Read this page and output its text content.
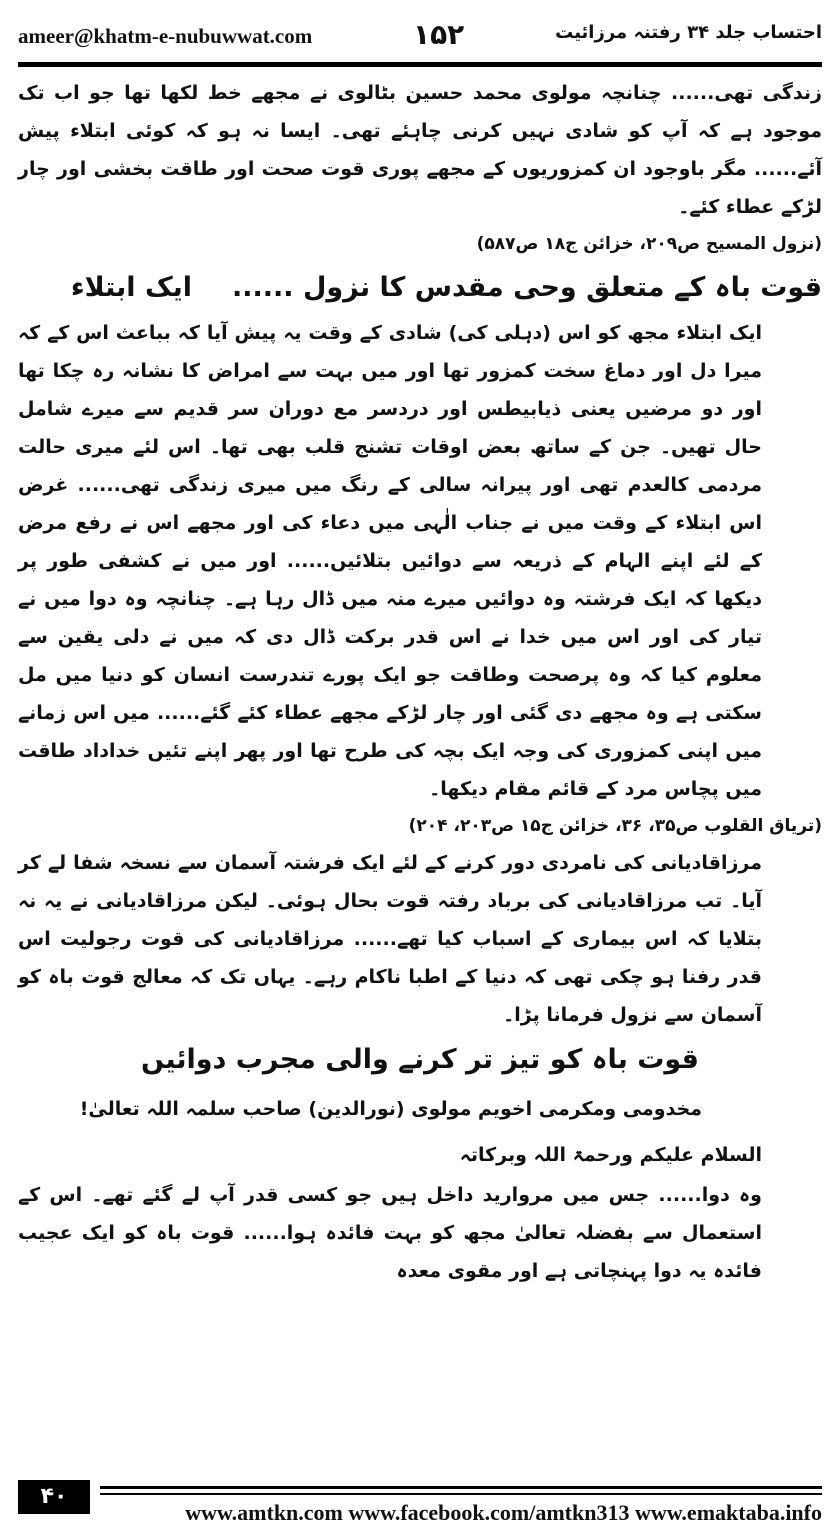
ameer@khatm-e-nubuwwat.com	۱۵۲	احتساب جلد ۳۴ رفتنہ مرزائیت

زندگی تھی...... چنانچہ مولوی محمد حسین بٹالوی نے مجھے خط لکھا تھا جو اب تک موجود ہے کہ آپ کو شادی نہیں کرنی چاہئے تھی۔ ایسا نہ ہو کہ کوئی ابتلاء پیش آئے...... مگر باوجود ان کمزوریوں کے مجھے پوری قوت صحت اور طاقت بخشی اور چار لڑکے عطاء کئے۔

(نزول المسیح ص۲۰۹، خزائن ج۱۸ ص۵۸۷)

قوت باہ کے متعلق وحی مقدس کا نزول ......ایک ابتلاء

ایک ابتلاء مجھ کو اس (دہلی کی) شادی کے وقت یہ پیش آیا کہ بباعث اس کے کہ میرا دل اور دماغ سخت کمزور تھا اور میں بہت سے امراض کا نشانہ رہ چکا تھا اور دو مرضیں یعنی ذیابیطس اور دردسر مع دوران سر قدیم سے میرے شامل حال تھیں۔ جن کے ساتھ بعض اوقات تشنج قلب بھی تھا۔ اس لئے میری حالت مردمی کالعدم تھی اور پیرانہ سالی کے رنگ میں میری زندگی تھی...... غرض اس ابتلاء کے وقت میں نے جناب الٰہی میں دعاء کی اور مجھے اس نے رفع مرض کے لئے اپنے الہام کے ذریعہ سے دوائیں بتلائیں...... اور میں نے کشفی طور پر دیکھا کہ ایک فرشتہ وہ دوائیں میرے منہ میں ڈال رہا ہے۔ چنانچہ وہ دوا میں نے تیار کی اور اس میں خدا نے اس قدر برکت ڈال دی کہ میں نے دلی یقین سے معلوم کیا کہ وہ پرصحت وطاقت جو ایک پورے تندرست انسان کو دنیا میں مل سکتی ہے وہ مجھے دی گئی اور چار لڑکے مجھے عطاء کئے گئے...... میں اس زمانے میں اپنی کمزوری کی وجہ ایک بچہ کی طرح تھا اور پھر اپنے تئیں خداداد طاقت میں پچاس مرد کے قائم مقام دیکھا۔

(تریاق القلوب ص۳۵، ۳۶، خزائن ج۱۵ ص۲۰۳، ۲۰۴)

مرزاقادیانی کی نامردی دور کرنے کے لئے ایک فرشتہ آسمان سے نسخہ شفا لے کر آیا۔ تب مرزاقادیانی کی برباد رفتہ قوت بحال ہوئی۔ لیکن مرزاقادیانی نے یہ نہ بتلایا کہ اس بیماری کے اسباب کیا تھے...... مرزاقادیانی کی قوت رجولیت اس قدر رفنا ہو چکی تھی کہ دنیا کے اطبا ناکام رہے۔ یہاں تک کہ معالج قوت باہ کو آسمان سے نزول فرمانا پڑا۔

قوت باہ کو تیز تر کرنے والی مجرب دوائیں

مخدومی ومکرمی اخویم مولوی (نورالدین) صاحب سلمہ اللہ تعالیٰ!

السلام علیکم ورحمۃ اللہ وبرکاتہ

وہ دوا...... جس میں مروارید داخل ہیں جو کسی قدر آپ لے گئے تھے۔ اس کے استعمال سے بفضلہ تعالیٰ مجھ کو بہت فائدہ ہوا...... قوت باہ کو ایک عجیب فائدہ یہ دوا پہنچاتی ہے اور مقوی معدہ

۴۰
www.amtkn.com www.facebook.com/amtkn313 www.emaktaba.info
